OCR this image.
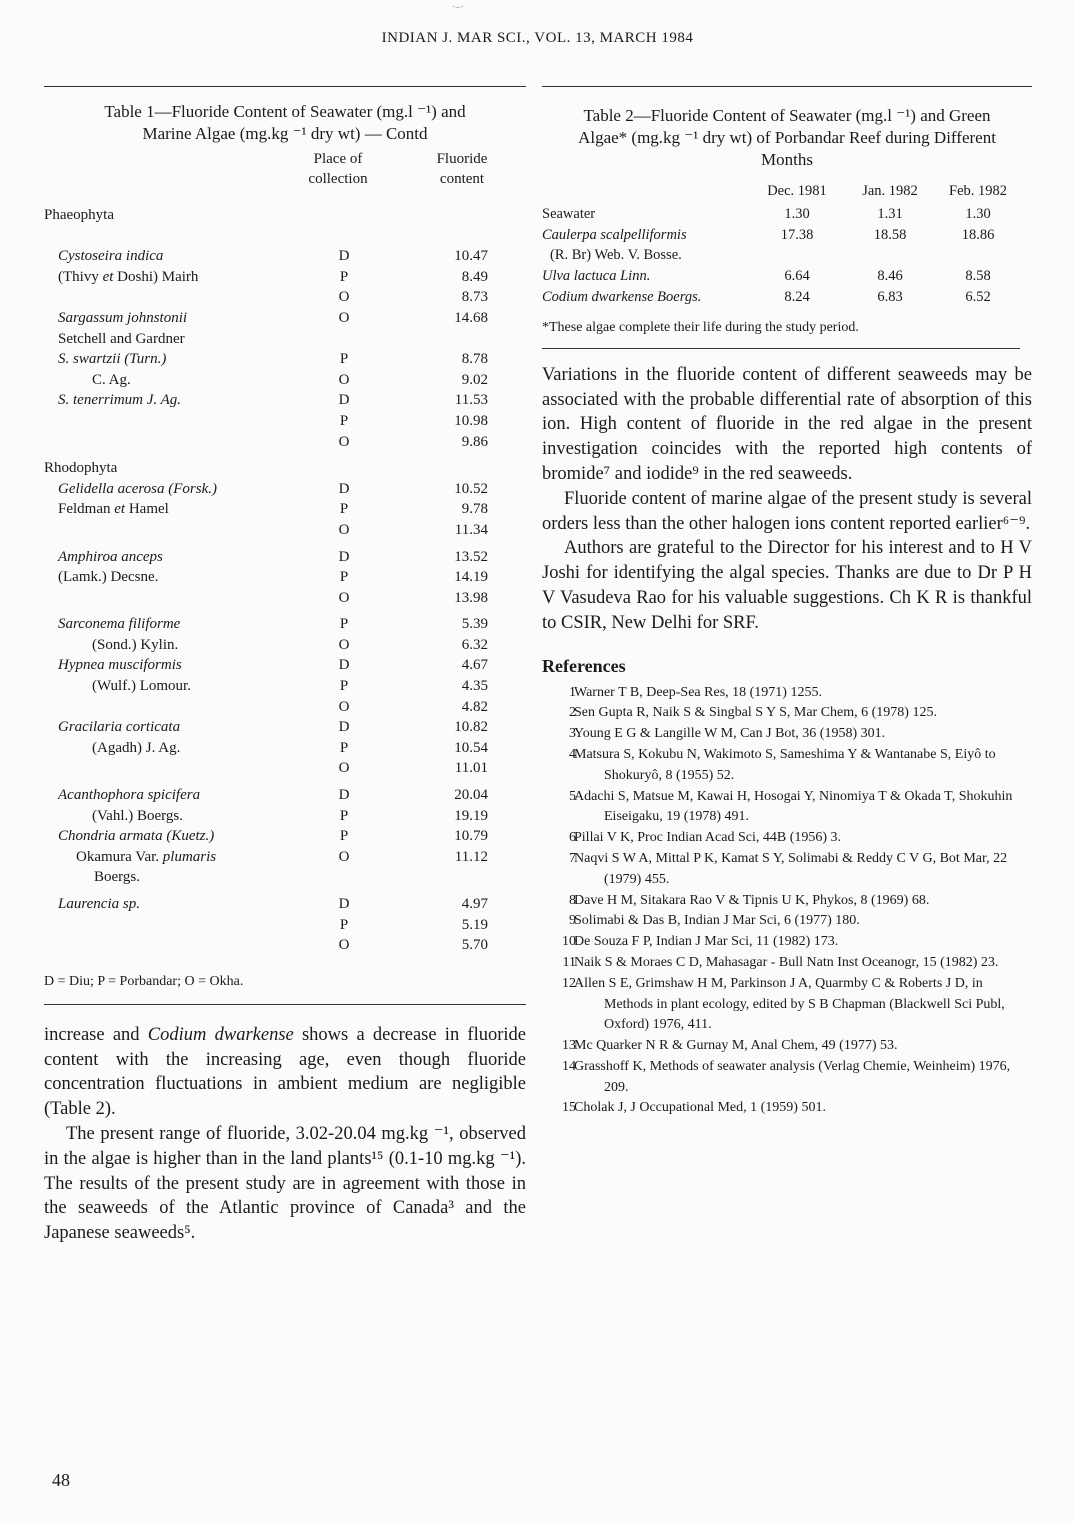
INDIAN J. MAR SCI., VOL. 13, MARCH 1984
Table 1—Fluoride Content of Seawater (mg.l ⁻¹) and
Marine Algae (mg.kg ⁻¹ dry wt) — Contd
Place of
collection
Fluoride
content
Phaeophyta
Cystoseira indica	D	10.47
(Thivy et Doshi) Mairh	P	8.49
O	8.73
Sargassum johnstonii	O	14.68
Setchell and Gardner
S. swartzii (Turn.)	P	8.78
C. Ag.	O	9.02
S. tenerrimum J. Ag.	D	11.53
P	10.98
O	9.86
Rhodophyta
Gelidella acerosa (Forsk.)	D	10.52
Feldman et Hamel	P	9.78
O	11.34
Amphiroa anceps	D	13.52
(Lamk.) Decsne.	P	14.19
O	13.98
Sarconema filiforme	P	5.39
(Sond.) Kylin.	O	6.32
Hypnea musciformis	D	4.67
(Wulf.) Lomour.	P	4.35
O	4.82
Gracilaria corticata	D	10.82
(Agadh) J. Ag.	P	10.54
O	11.01
Acanthophora spicifera	D	20.04
(Vahl.) Boergs.	P	19.19
Chondria armata (Kuetz.)	P	10.79
Okamura Var. plumaris	O	11.12
Boergs.
Laurencia sp.	D	4.97
P	5.19
O	5.70
D = Diu; P = Porbandar; O = Okha.
increase and Codium dwarkense shows a decrease in fluoride content with the increasing age, even though fluoride concentration fluctuations in ambient medium are negligible (Table 2).
The present range of fluoride, 3.02-20.04 mg.kg ⁻¹, observed in the algae is higher than in the land plants¹⁵ (0.1-10 mg.kg ⁻¹). The results of the present study are in agreement with those in the seaweeds of the Atlantic province of Canada³ and the Japanese seaweeds⁵.
Table 2—Fluoride Content of Seawater (mg.l ⁻¹) and Green
Algae* (mg.kg ⁻¹ dry wt) of Porbandar Reef during Different
Months
Dec. 1981	Jan. 1982	Feb. 1982
Seawater	1.30	1.31	1.30
Caulerpa scalpelliformis	17.38	18.58	18.86
(R. Br) Web. V. Bosse.
Ulva lactuca Linn.	6.64	8.46	8.58
Codium dwarkense Boergs.	8.24	6.83	6.52
*These algae complete their life during the study period.
Variations in the fluoride content of different seaweeds may be associated with the probable differential rate of absorption of this ion. High content of fluoride in the red algae in the present investigation coincides with the reported high contents of bromide⁷ and iodide⁹ in the red seaweeds.
Fluoride content of marine algae of the present study is several orders less than the other halogen ions content reported earlier⁶⁻⁹.
Authors are grateful to the Director for his interest and to H V Joshi for identifying the algal species. Thanks are due to Dr P H V Vasudeva Rao for his valuable suggestions. Ch K R is thankful to CSIR, New Delhi for SRF.
References
1
Warner T B, Deep-Sea Res, 18 (1971) 1255.
2
Sen Gupta R, Naik S & Singbal S Y S, Mar Chem, 6 (1978) 125.
3
Young E G & Langille W M, Can J Bot, 36 (1958) 301.
4
Matsura S, Kokubu N, Wakimoto S, Sameshima Y & Wantanabe S, Eiyô to Shokuryô, 8 (1955) 52.
5
Adachi S, Matsue M, Kawai H, Hosogai Y, Ninomiya T & Okada T, Shokuhin Eiseigaku, 19 (1978) 491.
6
Pillai V K, Proc Indian Acad Sci, 44B (1956) 3.
7
Naqvi S W A, Mittal P K, Kamat S Y, Solimabi & Reddy C V G, Bot Mar, 22 (1979) 455.
8
Dave H M, Sitakara Rao V & Tipnis U K, Phykos, 8 (1969) 68.
9
Solimabi & Das B, Indian J Mar Sci, 6 (1977) 180.
10
De Souza F P, Indian J Mar Sci, 11 (1982) 173.
11
Naik S & Moraes C D, Mahasagar - Bull Natn Inst Oceanogr, 15 (1982) 23.
12
Allen S E, Grimshaw H M, Parkinson J A, Quarmby C & Roberts J D, in Methods in plant ecology, edited by S B Chapman (Blackwell Sci Publ, Oxford) 1976, 411.
13
Mc Quarker N R & Gurnay M, Anal Chem, 49 (1977) 53.
14
Grasshoff K, Methods of seawater analysis (Verlag Chemie, Weinheim) 1976, 209.
15
Cholak J, J Occupational Med, 1 (1959) 501.
·‒·
48
